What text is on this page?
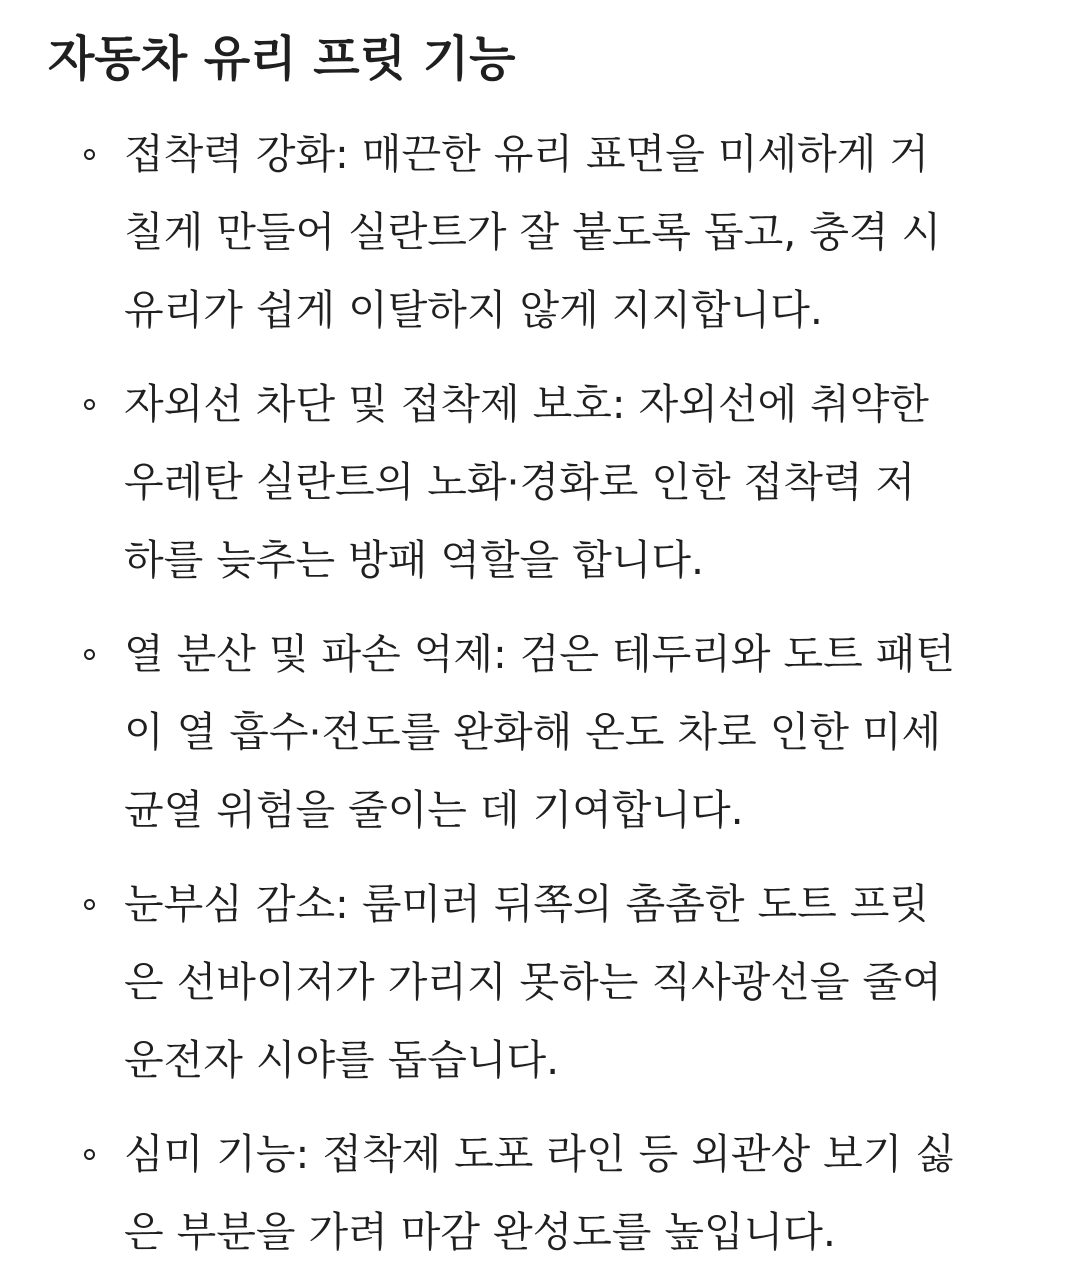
자동차 유리 프릿 기능

접착력 강화: 매끈한 유리 표면을 미세하게 거

칠게 만들어 실란트가 잘 붙도록 돕고, 충격 시

유리가 쉽게 이탈하지 않게 지지합니다.

자외선 차단 및 접착제 보호: 자외선에 취약한

우레탄 실란트의 노화·경화로 인한 접착력 저

하를 늦추는 방패 역할을 합니다.

열 분산 및 파손 억제: 검은 테두리와 도트 패턴

이 열 흡수·전도를 완화해 온도 차로 인한 미세

균열 위험을 줄이는 데 기여합니다.

눈부심 감소: 룸미러 뒤쪽의 촘촘한 도트 프릿

은 선바이저가 가리지 못하는 직사광선을 줄여

운전자 시야를 돕습니다.

심미 기능: 접착제 도포 라인 등 외관상 보기 싫

은 부분을 가려 마감 완성도를 높입니다.
